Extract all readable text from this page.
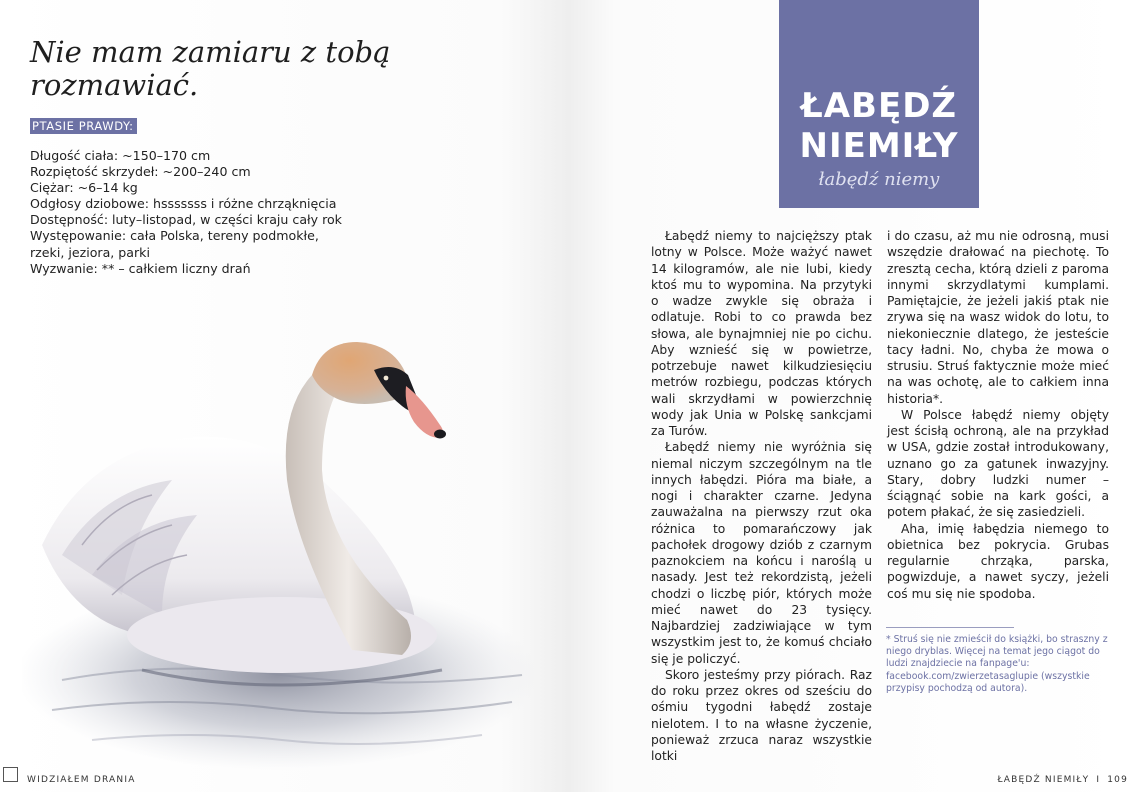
Nie mam zamiaru z tobą rozmawiać.
PTASIE PRAWDY:
Długość ciała: ~150–170 cm
Rozpiętość skrzydeł: ~200–240 cm
Ciężar: ~6–14 kg
Odgłosy dziobowe: hsssssss i różne chrząknięcia
Dostępność: luty–listopad, w części kraju cały rok
Występowanie: cała Polska, tereny podmokłe,
rzeki, jeziora, parki
Wyzwanie: ** – całkiem liczny drań
ŁABĘDŹ
NIEMIŁY
łabędź niemy

Łabędź niemy to najcięższy ptak lotny w Polsce. Może ważyć nawet 14 kilogramów, ale nie lubi, kiedy ktoś mu to wypomina. Na przytyki o wadze zwykle się obraża i odlatuje. Robi to co prawda bez słowa, ale bynajmniej nie po cichu. Aby wznieść się w powietrze, potrzebuje nawet kilkudziesięciu metrów rozbiegu, podczas których wali skrzydłami w powierzchnię wody jak Unia w Polskę sankcjami za Turów.

Łabędź niemy nie wyróżnia się niemal niczym szczególnym na tle innych łabędzi. Pióra ma białe, a nogi i charakter czarne. Jedyna zauważalna na pierwszy rzut oka różnica to pomarańczowy jak pachołek drogowy dziób z czarnym paznokciem na końcu i naroślą u nasady. Jest też rekordzistą, jeżeli chodzi o liczbę piór, których może mieć nawet do 23 tysięcy. Najbardziej zadziwiające w tym wszystkim jest to, że komuś chciało się je policzyć.

Skoro jesteśmy przy piórach. Raz do roku przez okres od sześciu do ośmiu tygodni łabędź zostaje nielotem. I to na własne życzenie, ponieważ zrzuca naraz wszystkie lotki

i do czasu, aż mu nie odrosną, musi wszędzie drałować na piechotę. To zresztą cecha, którą dzieli z paroma innymi skrzydlatymi kumplami. Pamiętajcie, że jeżeli jakiś ptak nie zrywa się na wasz widok do lotu, to niekoniecznie dlatego, że jesteście tacy ładni. No, chyba że mowa o strusiu. Struś faktycznie może mieć na was ochotę, ale to całkiem inna historia*.

W Polsce łabędź niemy objęty jest ścisłą ochroną, ale na przykład w USA, gdzie został introdukowany, uznano go za gatunek inwazyjny. Stary, dobry ludzki numer – ściągnąć sobie na kark gości, a potem płakać, że się zasiedzieli.

Aha, imię łabędzia niemego to obietnica bez pokrycia. Grubas regularnie chrząka, parska, pogwizduje, a nawet syczy, jeżeli coś mu się nie spodoba.

* Struś się nie zmieścił do książki, bo straszny z niego dryblas. Więcej na temat jego ciągot do ludzi znajdziecie na fanpage'u: facebook.com/zwierzetasaglupie (wszystkie przypisy pochodzą od autora).

WIDZIAŁEM DRANIA	ŁABĘDŹ NIEMIŁY I 109
